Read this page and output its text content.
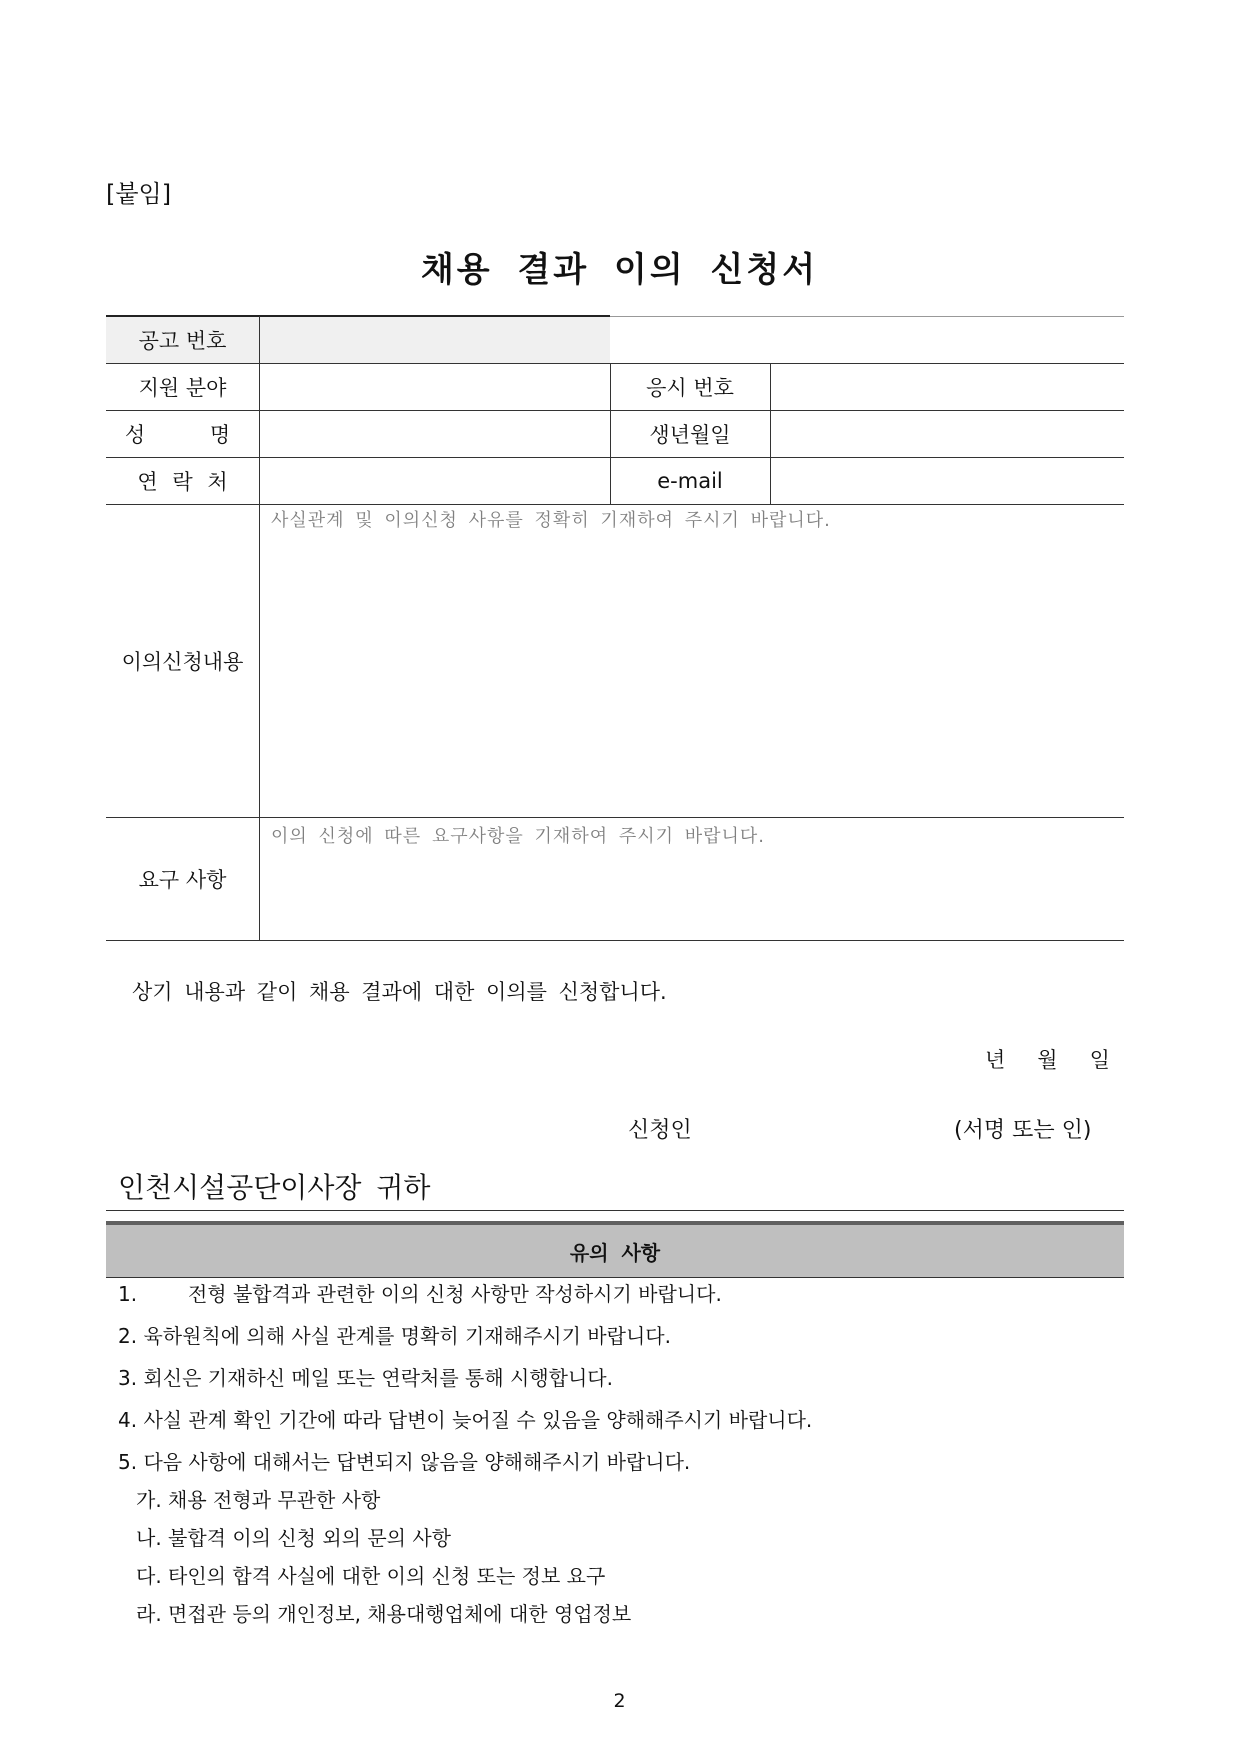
[붙임]
채용 결과 이의 신청서
공고 번호
지원 분야	응시 번호
성 명	생년월일
연 락 처	e-mail
이의신청내용
사실관계 및 이의신청 사유를 정확히 기재하여 주시기 바랍니다.
요구 사항
이의 신청에 따른 요구사항을 기재하여 주시기 바랍니다.
상기 내용과 같이 채용 결과에 대한 이의를 신청합니다.
년 월 일
신청인	(서명 또는 인)
인천시설공단이사장 귀하
유의 사항
1.        전형 불합격과 관련한 이의 신청 사항만 작성하시기 바랍니다.
2. 육하원칙에 의해 사실 관계를 명확히 기재해주시기 바랍니다.
3. 회신은 기재하신 메일 또는 연락처를 통해 시행합니다.
4. 사실 관계 확인 기간에 따라 답변이 늦어질 수 있음을 양해해주시기 바랍니다.
5. 다음 사항에 대해서는 답변되지 않음을 양해해주시기 바랍니다.
가. 채용 전형과 무관한 사항
나. 불합격 이의 신청 외의 문의 사항
다. 타인의 합격 사실에 대한 이의 신청 또는 정보 요구
라. 면접관 등의 개인정보, 채용대행업체에 대한 영업정보
2
